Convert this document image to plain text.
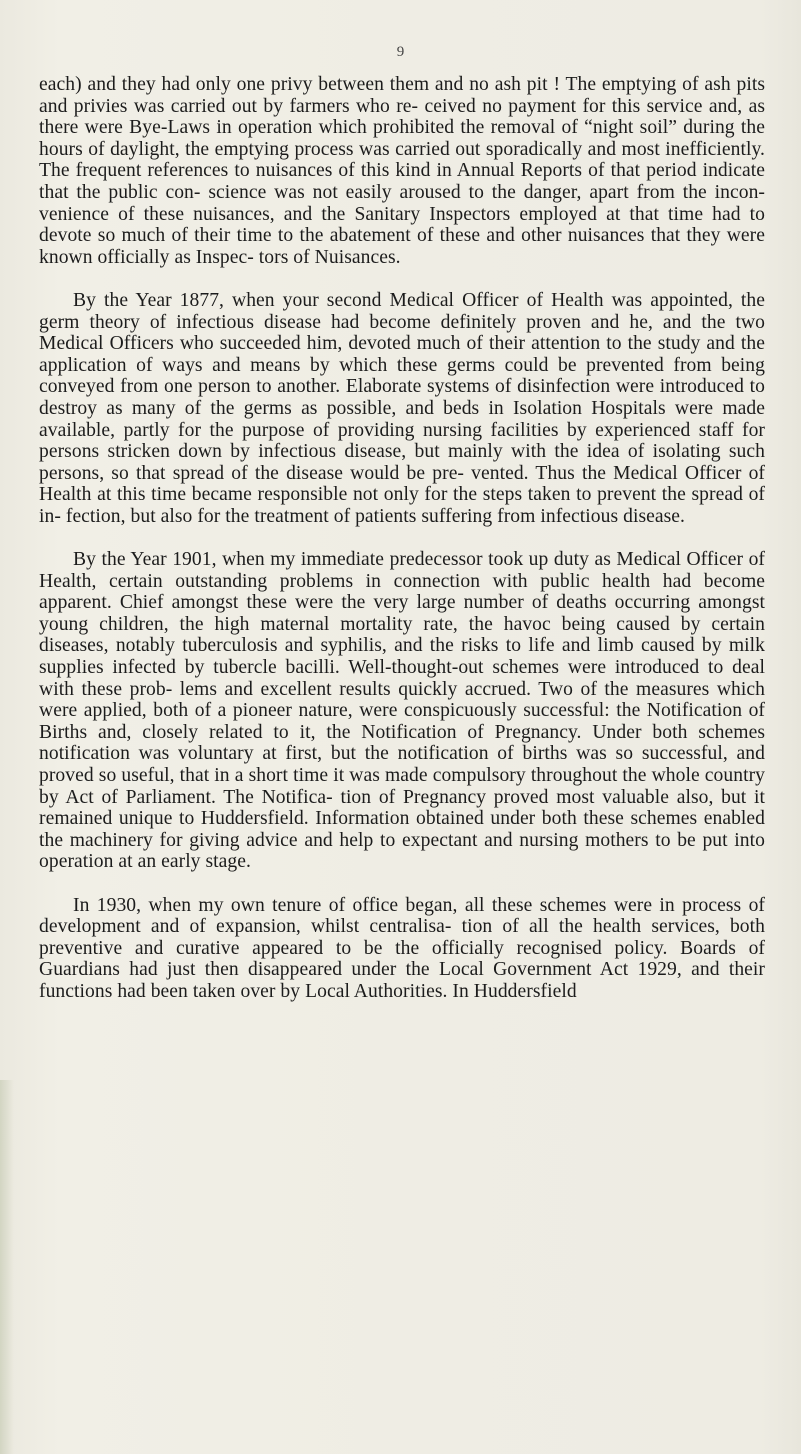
9

each) and they had only one privy between them and no ash pit ! The emptying of ash pits and privies was carried out by farmers who re- ceived no payment for this service and, as there were Bye-Laws in operation which prohibited the removal of “night soil” during the hours of daylight, the emptying process was carried out sporadically and most inefficiently. The frequent references to nuisances of this kind in Annual Reports of that period indicate that the public con- science was not easily aroused to the danger, apart from the incon- venience of these nuisances, and the Sanitary Inspectors employed at that time had to devote so much of their time to the abatement of these and other nuisances that they were known officially as Inspec- tors of Nuisances.

By the Year 1877, when your second Medical Officer of Health was appointed, the germ theory of infectious disease had become definitely proven and he, and the two Medical Officers who succeeded him, devoted much of their attention to the study and the application of ways and means by which these germs could be prevented from being conveyed from one person to another. Elaborate systems of disinfection were introduced to destroy as many of the germs as possible, and beds in Isolation Hospitals were made available, partly for the purpose of providing nursing facilities by experienced staff for persons stricken down by infectious disease, but mainly with the idea of isolating such persons, so that spread of the disease would be pre- vented. Thus the Medical Officer of Health at this time became responsible not only for the steps taken to prevent the spread of in- fection, but also for the treatment of patients suffering from infectious disease.

By the Year 1901, when my immediate predecessor took up duty as Medical Officer of Health, certain outstanding problems in connection with public health had become apparent. Chief amongst these were the very large number of deaths occurring amongst young children, the high maternal mortality rate, the havoc being caused by certain diseases, notably tuberculosis and syphilis, and the risks to life and limb caused by milk supplies infected by tubercle bacilli. Well-thought-out schemes were introduced to deal with these prob- lems and excellent results quickly accrued. Two of the measures which were applied, both of a pioneer nature, were conspicuously successful: the Notification of Births and, closely related to it, the Notification of Pregnancy. Under both schemes notification was voluntary at first, but the notification of births was so successful, and proved so useful, that in a short time it was made compulsory throughout the whole country by Act of Parliament. The Notifica- tion of Pregnancy proved most valuable also, but it remained unique to Huddersfield. Information obtained under both these schemes enabled the machinery for giving advice and help to expectant and nursing mothers to be put into operation at an early stage.

In 1930, when my own tenure of office began, all these schemes were in process of development and of expansion, whilst centralisa- tion of all the health services, both preventive and curative appeared to be the officially recognised policy. Boards of Guardians had just then disappeared under the Local Government Act 1929, and their functions had been taken over by Local Authorities. In Huddersfield
